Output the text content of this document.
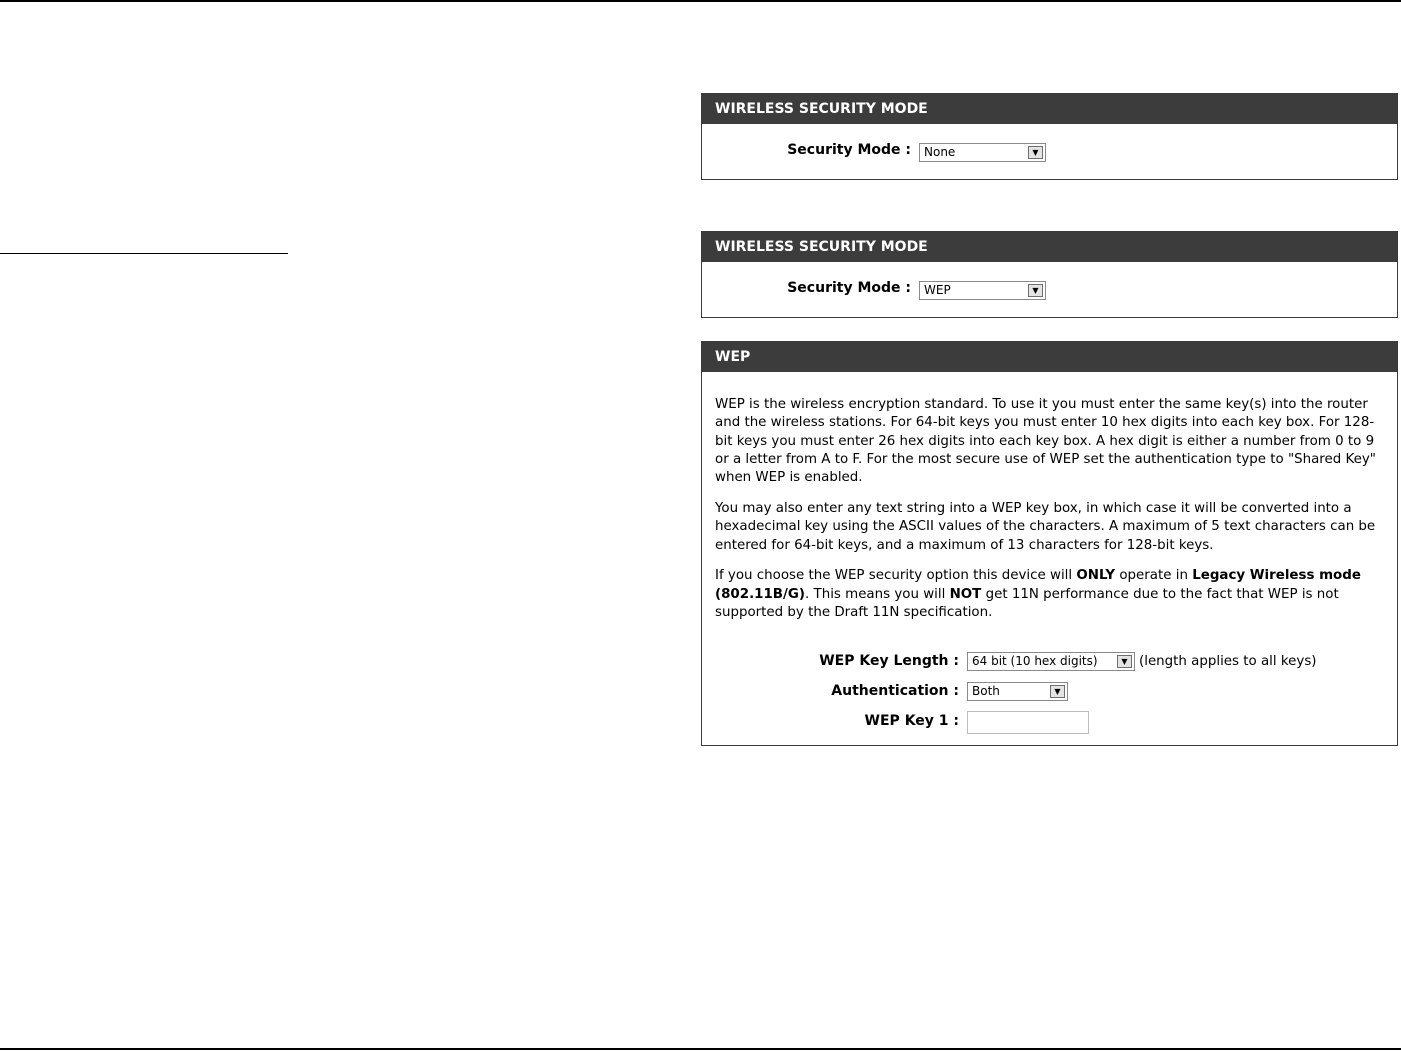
WIRELESS SECURITY MODE
Security Mode :	None	▼
WIRELESS SECURITY MODE
Security Mode :	WEP	▼
WEP

WEP is the wireless encryption standard. To use it you must enter the same key(s) into the router and the wireless stations. For 64-bit keys you must enter 10 hex digits into each key box. For 128-bit keys you must enter 26 hex digits into each key box. A hex digit is either a number from 0 to 9 or a letter from A to F. For the most secure use of WEP set the authentication type to "Shared Key" when WEP is enabled.

You may also enter any text string into a WEP key box, in which case it will be converted into a hexadecimal key using the ASCII values of the characters. A maximum of 5 text characters can be entered for 64-bit keys, and a maximum of 13 characters for 128-bit keys.

If you choose the WEP security option this device will ONLY operate in Legacy Wireless mode (802.11B/G). This means you will NOT get 11N performance due to the fact that WEP is not supported by the Draft 11N specification.

WEP Key Length :	64 bit (10 hex digits)	▼ (length applies to all keys)
Authentication :	Both	▼
WEP Key 1 :
